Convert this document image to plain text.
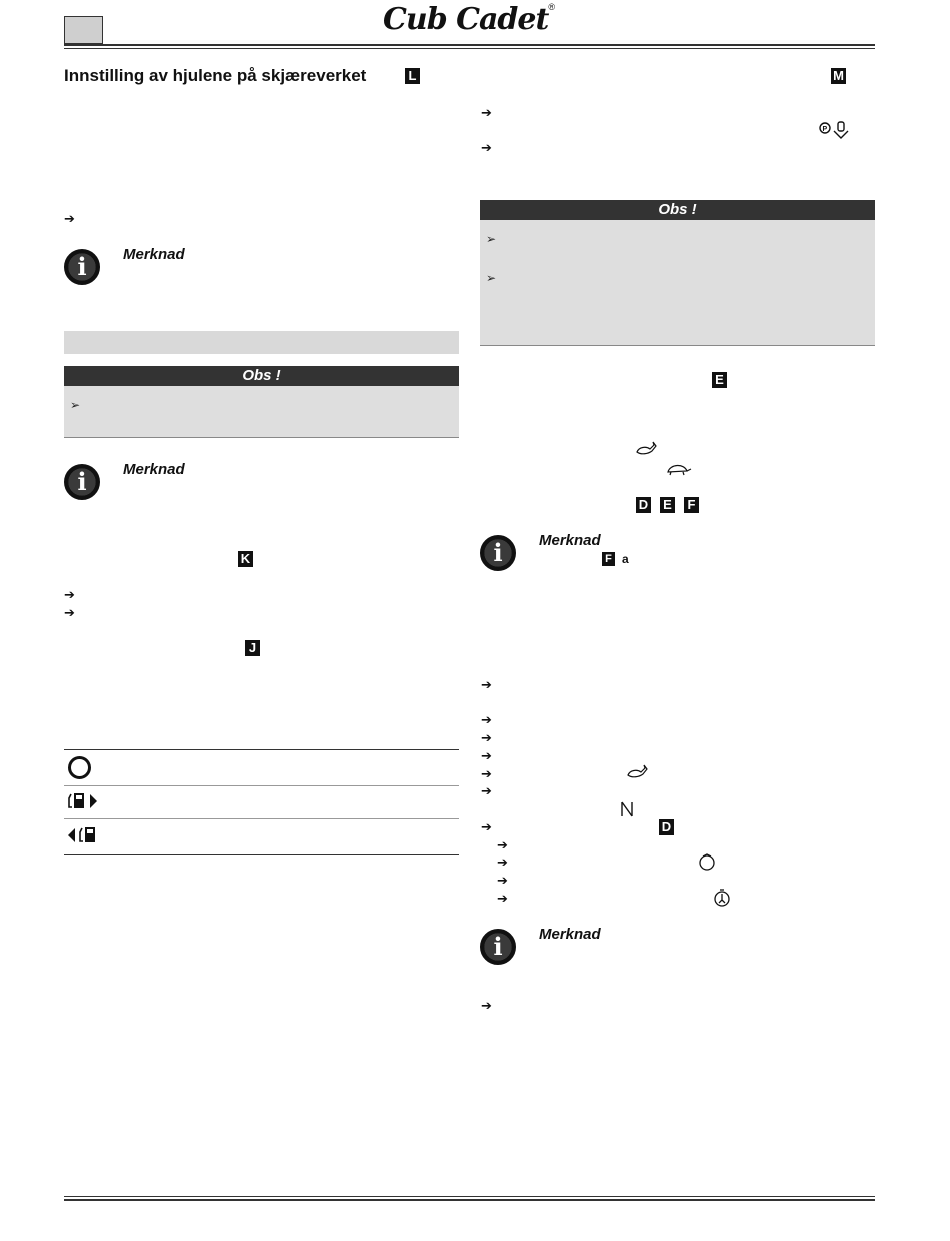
Cub Cadet®
Innstilling av hjulene på skjæreverket	L
➔
i	Merknad
Obs !
➢
i	Merknad
K
➔
➔
J
M
➔
P
➔
Obs !
➢
➢
E
D E F
i	Merknad
F a
➔
➔
➔
➔
➔
➔
➔	D
➔
➔
➔
➔
i	Merknad
➔
